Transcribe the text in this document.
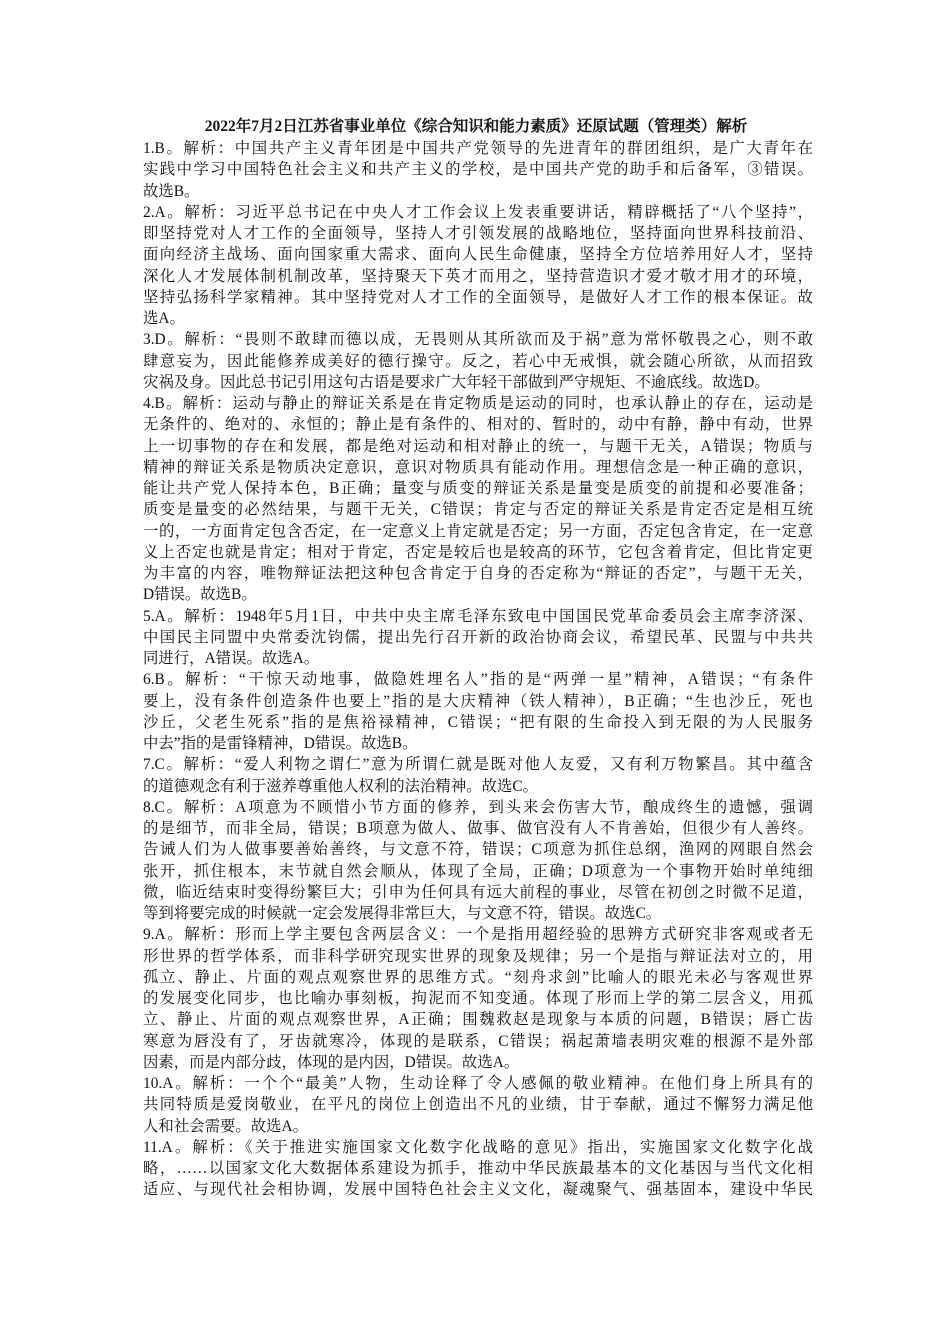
2022年7月2日江苏省事业单位《综合知识和能力素质》还原试题（管理类）解析
1.B。解析：中国共产主义青年团是中国共产党领导的先进青年的群团组织，是广大青年在
实践中学习中国特色社会主义和共产主义的学校，是中国共产党的助手和后备军，③错误。
故选B。
2.A。解析：习近平总书记在中央人才工作会议上发表重要讲话，精辟概括了“八个坚持”，
即坚持党对人才工作的全面领导，坚持人才引领发展的战略地位，坚持面向世界科技前沿、
面向经济主战场、面向国家重大需求、面向人民生命健康，坚持全方位培养用好人才，坚持
深化人才发展体制机制改革，坚持聚天下英才而用之，坚持营造识才爱才敬才用才的环境，
坚持弘扬科学家精神。其中坚持党对人才工作的全面领导，是做好人才工作的根本保证。故
选A。
3.D。解析：“畏则不敢肆而德以成，无畏则从其所欲而及于祸”意为常怀敬畏之心，则不敢
肆意妄为，因此能修养成美好的德行操守。反之，若心中无戒惧，就会随心所欲，从而招致
灾祸及身。因此总书记引用这句古语是要求广大年轻干部做到严守规矩、不逾底线。故选D。
4.B。解析：运动与静止的辩证关系是在肯定物质是运动的同时，也承认静止的存在，运动是
无条件的、绝对的、永恒的；静止是有条件的、相对的、暂时的，动中有静，静中有动，世界
上一切事物的存在和发展，都是绝对运动和相对静止的统一，与题干无关，A错误；物质与
精神的辩证关系是物质决定意识，意识对物质具有能动作用。理想信念是一种正确的意识，
能让共产党人保持本色，B正确；量变与质变的辩证关系是量变是质变的前提和必要准备；
质变是量变的必然结果，与题干无关，C错误；肯定与否定的辩证关系是肯定否定是相互统
一的，一方面肯定包含否定，在一定意义上肯定就是否定；另一方面，否定包含肯定，在一定意
义上否定也就是肯定；相对于肯定，否定是较后也是较高的环节，它包含着肯定，但比肯定更
为丰富的内容，唯物辩证法把这种包含肯定于自身的否定称为“辩证的否定”，与题干无关，
D错误。故选B。
5.A。解析：1948年5月1日，中共中央主席毛泽东致电中国国民党革命委员会主席李济深、
中国民主同盟中央常委沈钧儒，提出先行召开新的政治协商会议，希望民革、民盟与中共共
同进行，A错误。故选A。
6.B。解析：“干惊天动地事，做隐姓埋名人”指的是“两弹一星”精神，A错误；“有条件
要上，没有条件创造条件也要上”指的是大庆精神（铁人精神），B正确；“生也沙丘，死也
沙丘，父老生死系”指的是焦裕禄精神，C错误；“把有限的生命投入到无限的为人民服务
中去”指的是雷锋精神，D错误。故选B。
7.C。解析：“爱人利物之谓仁”意为所谓仁就是既对他人友爱，又有利万物繁昌。其中蕴含
的道德观念有利于滋养尊重他人权利的法治精神。故选C。
8.C。解析：A项意为不顾惜小节方面的修养，到头来会伤害大节，酿成终生的遗憾，强调
的是细节，而非全局，错误；B项意为做人、做事、做官没有人不肯善始，但很少有人善终。
告诫人们为人做事要善始善终，与文意不符，错误；C项意为抓住总纲，渔网的网眼自然会
张开，抓住根本，末节就自然会顺从，体现了全局，正确；D项意为一个事物开始时单纯细
微，临近结束时变得纷繁巨大；引申为任何具有远大前程的事业，尽管在初创之时微不足道，
等到将要完成的时候就一定会发展得非常巨大，与文意不符，错误。故选C。
9.A。解析：形而上学主要包含两层含义：一个是指用超经验的思辨方式研究非客观或者无
形世界的哲学体系，而非科学研究现实世界的现象及规律；另一个是指与辩证法对立的，用
孤立、静止、片面的观点观察世界的思维方式。“刻舟求剑”比喻人的眼光未必与客观世界
的发展变化同步，也比喻办事刻板，拘泥而不知变通。体现了形而上学的第二层含义，用孤
立、静止、片面的观点观察世界，A正确；围魏救赵是现象与本质的问题，B错误；唇亡齿
寒意为唇没有了，牙齿就寒冷，体现的是联系，C错误；祸起萧墙表明灾难的根源不是外部
因素，而是内部分歧，体现的是内因，D错误。故选A。
10.A。解析：一个个“最美”人物，生动诠释了令人感佩的敬业精神。在他们身上所具有的
共同特质是爱岗敬业，在平凡的岗位上创造出不凡的业绩，甘于奉献，通过不懈努力满足他
人和社会需要。故选A。
11.A。解析：《关于推进实施国家文化数字化战略的意见》指出，实施国家文化数字化战
略，……以国家文化大数据体系建设为抓手，推动中华民族最基本的文化基因与当代文化相
适应、与现代社会相协调，发展中国特色社会主义文化，凝魂聚气、强基固本，建设中华民
